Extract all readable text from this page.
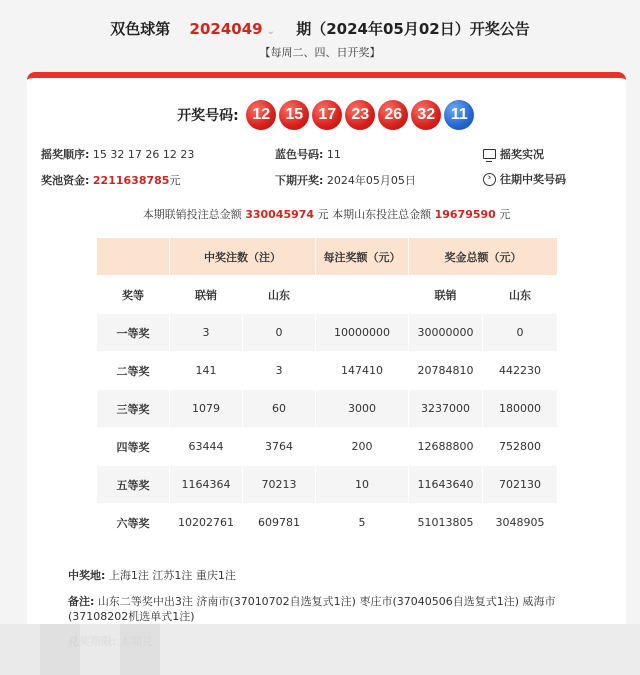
双色球第 2024049 ⌄ 期（2024年05月02日）开奖公告
【每周二、四、日开奖】
开奖号码: 12 15 17 23 26 32 11
摇奖顺序: 15 32 17 26 12 23	蓝色号码: 11	摇奖实况
奖池资金: 2211638785元	下期开奖: 2024年05月05日	› 往期中奖号码
本期联销投注总金额 330045974 元 本期山东投注总金额 19679590 元
	中奖注数（注）		每注奖额（元）	奖金总额（元）	
奖等	联销	山东		联销	山东
一等奖	3	0	10000000	30000000	0
二等奖	141	3	147410	20784810	442230
三等奖	1079	60	3000	3237000	180000
四等奖	63444	3764	200	12688800	752800
五等奖	1164364	70213	10	11643640	702130
六等奖	10202761	609781	5	51013805	3048905
中奖地: 上海1注 江苏1注 重庆1注
备注: 山东二等奖中出3注 济南市(37010702自选复式1注) 枣庄市(37040506自选复式1注) 威海市(37108202机选单式1注)
